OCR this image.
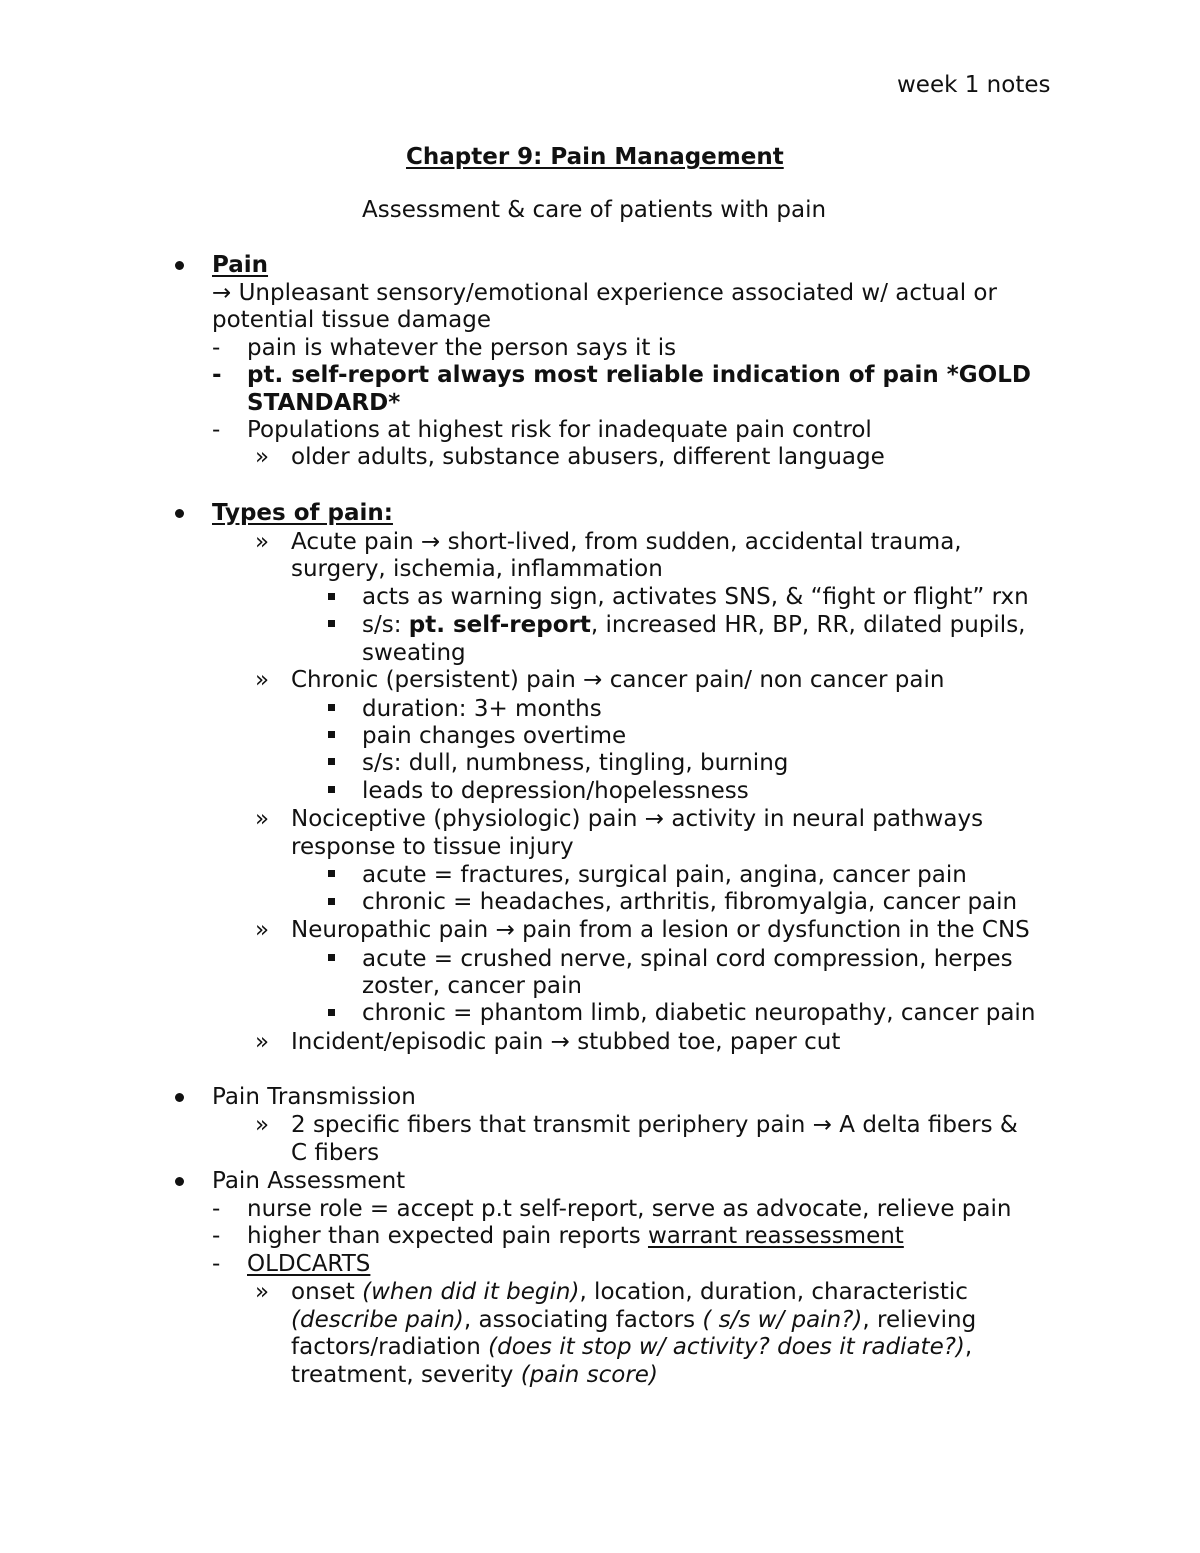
week 1 notes
Chapter 9: Pain Management
Assessment & care of patients with pain
Pain
→ Unpleasant sensory/emotional experience associated w/ actual or
potential tissue damage
- pain is whatever the person says it is
- pt. self-report always most reliable indication of pain *GOLD
STANDARD*
- Populations at highest risk for inadequate pain control
» older adults, substance abusers, different language
Types of pain:
» Acute pain → short-lived, from sudden, accidental trauma,
surgery, ischemia, inflammation
acts as warning sign, activates SNS, & “fight or flight” rxn
s/s: pt. self-report, increased HR, BP, RR, dilated pupils,
sweating
» Chronic (persistent) pain → cancer pain/ non cancer pain
duration: 3+ months
pain changes overtime
s/s: dull, numbness, tingling, burning
leads to depression/hopelessness
» Nociceptive (physiologic) pain → activity in neural pathways
response to tissue injury
acute = fractures, surgical pain, angina, cancer pain
chronic = headaches, arthritis, fibromyalgia, cancer pain
» Neuropathic pain → pain from a lesion or dysfunction in the CNS
acute = crushed nerve, spinal cord compression, herpes
zoster, cancer pain
chronic = phantom limb, diabetic neuropathy, cancer pain
» Incident/episodic pain → stubbed toe, paper cut
Pain Transmission
» 2 specific fibers that transmit periphery pain → A delta fibers &
C fibers
Pain Assessment
- nurse role = accept p.t self-report, serve as advocate, relieve pain
- higher than expected pain reports warrant reassessment
- OLDCARTS
» onset (when did it begin), location, duration, characteristic
(describe pain), associating factors ( s/s w/ pain?), relieving
factors/radiation (does it stop w/ activity? does it radiate?),
treatment, severity (pain score)
